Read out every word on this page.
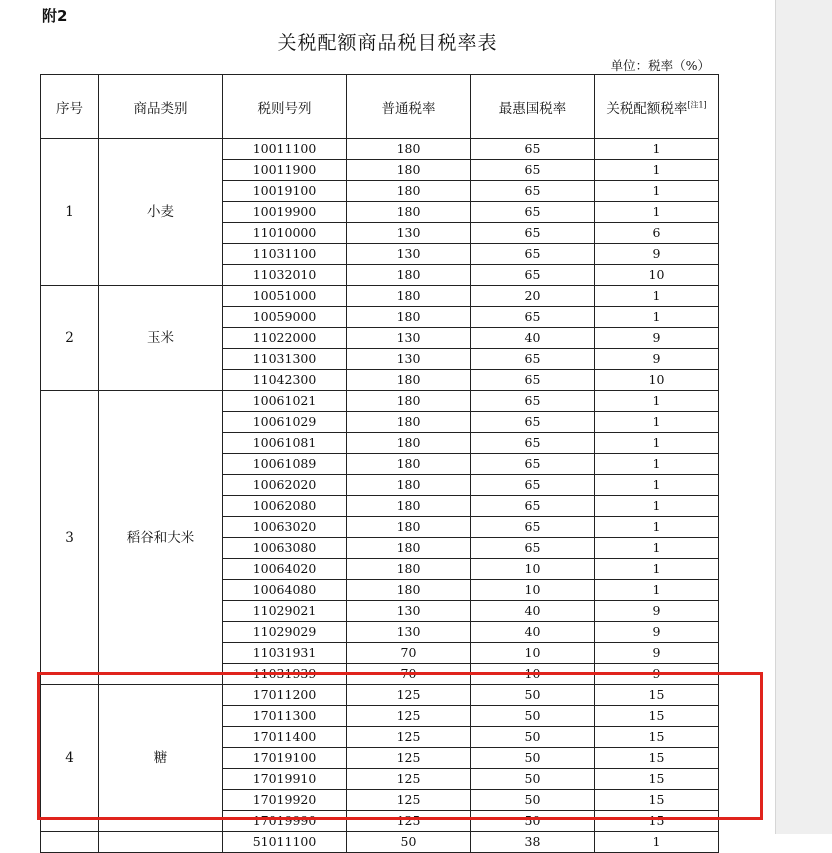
附2
关税配额商品税目税率表
单位：税率（%）
序号	商品类别	税则号列	普通税率	最惠国税率	关税配额税率[注1]
1	小麦	10011100	180	65	1
		10011900	180	65	1
		10019100	180	65	1
		10019900	180	65	1
		11010000	130	65	6
		11031100	130	65	9
		11032010	180	65	10
2	玉米	10051000	180	20	1
		10059000	180	65	1
		11022000	130	40	9
		11031300	130	65	9
		11042300	180	65	10
3	稻谷和大米	10061021	180	65	1
		10061029	180	65	1
		10061081	180	65	1
		10061089	180	65	1
		10062020	180	65	1
		10062080	180	65	1
		10063020	180	65	1
		10063080	180	65	1
		10064020	180	10	1
		10064080	180	10	1
		11029021	130	40	9
		11029029	130	40	9
		11031931	70	10	9
		11031939	70	10	9
4	糖	17011200	125	50	15
		17011300	125	50	15
		17011400	125	50	15
		17019100	125	50	15
		17019910	125	50	15
		17019920	125	50	15
		17019990	125	50	15
		51011100	50	38	1
